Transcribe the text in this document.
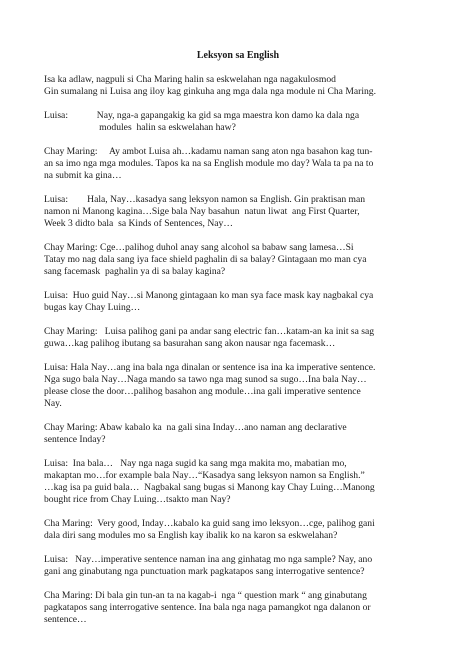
Leksyon sa English
Isa ka adlaw, nagpuli si Cha Maring halin sa eskwelahan nga nagakulosmod
Gin sumalang ni Luisa ang iloy kag ginkuha ang mga dala nga module ni Cha Maring.
Luisa:            Nay, nga-a gapangakig ka gid sa mga maestra kon damo ka dala nga
modules  halin sa eskwelahan haw?
Chay Maring:     Ay ambot Luisa ah…kadamu naman sang aton nga basahon kag tun-
an sa imo nga mga modules. Tapos ka na sa English module mo day? Wala ta pa na to
na submit ka gina…
Luisa:        Hala, Nay…kasadya sang leksyon namon sa English. Gin praktisan man
namon ni Manong kagina…Sige bala Nay basahun  natun liwat  ang First Quarter,
Week 3 didto bala  sa Kinds of Sentences, Nay…
Chay Maring: Cge…palihog duhol anay sang alcohol sa babaw sang lamesa…Si
Tatay mo nag dala sang iya face shield paghalin di sa balay? Gintagaan mo man cya
sang facemask  paghalin ya di sa balay kagina?
Luisa:  Huo guid Nay…si Manong gintagaan ko man sya face mask kay nagbakal cya
bugas kay Chay Luing…
Chay Maring:   Luisa palihog gani pa andar sang electric fan…katam-an ka init sa sag
guwa…kag palihog ibutang sa basurahan sang akon nausar nga facemask…
Luisa: Hala Nay…ang ina bala nga dinalan or sentence isa ina ka imperative sentence.
Nga sugo bala Nay…Naga mando sa tawo nga mag sunod sa sugo…Ina bala Nay…
please close the door…palihog basahon ang module…ina gali imperative sentence
Nay.
Chay Maring: Abaw kabalo ka  na gali sina Inday…ano naman ang declarative
sentence Inday?
Luisa:  Ina bala…   Nay nga naga sugid ka sang mga makita mo, mabatian mo,
makaptan mo…for example bala Nay…“Kasadya sang leksyon namon sa English.”
…kag isa pa guid bala…  Nagbakal sang bugas si Manong kay Chay Luing…Manong
bought rice from Chay Luing…tsakto man Nay?
Cha Maring:  Very good, Inday…kabalo ka guid sang imo leksyon…cge, palihog gani
dala diri sang modules mo sa English kay ibalik ko na karon sa eskwelahan?
Luisa:   Nay…imperative sentence naman ina ang ginhatag mo nga sample? Nay, ano
gani ang ginabutang nga punctuation mark pagkatapos sang interrogative sentence?
Cha Maring: Di bala gin tun-an ta na kagab-i  nga “ question mark “ ang ginabutang
pagkatapos sang interrogative sentence. Ina bala nga naga pamangkot nga dalanon or
sentence…
